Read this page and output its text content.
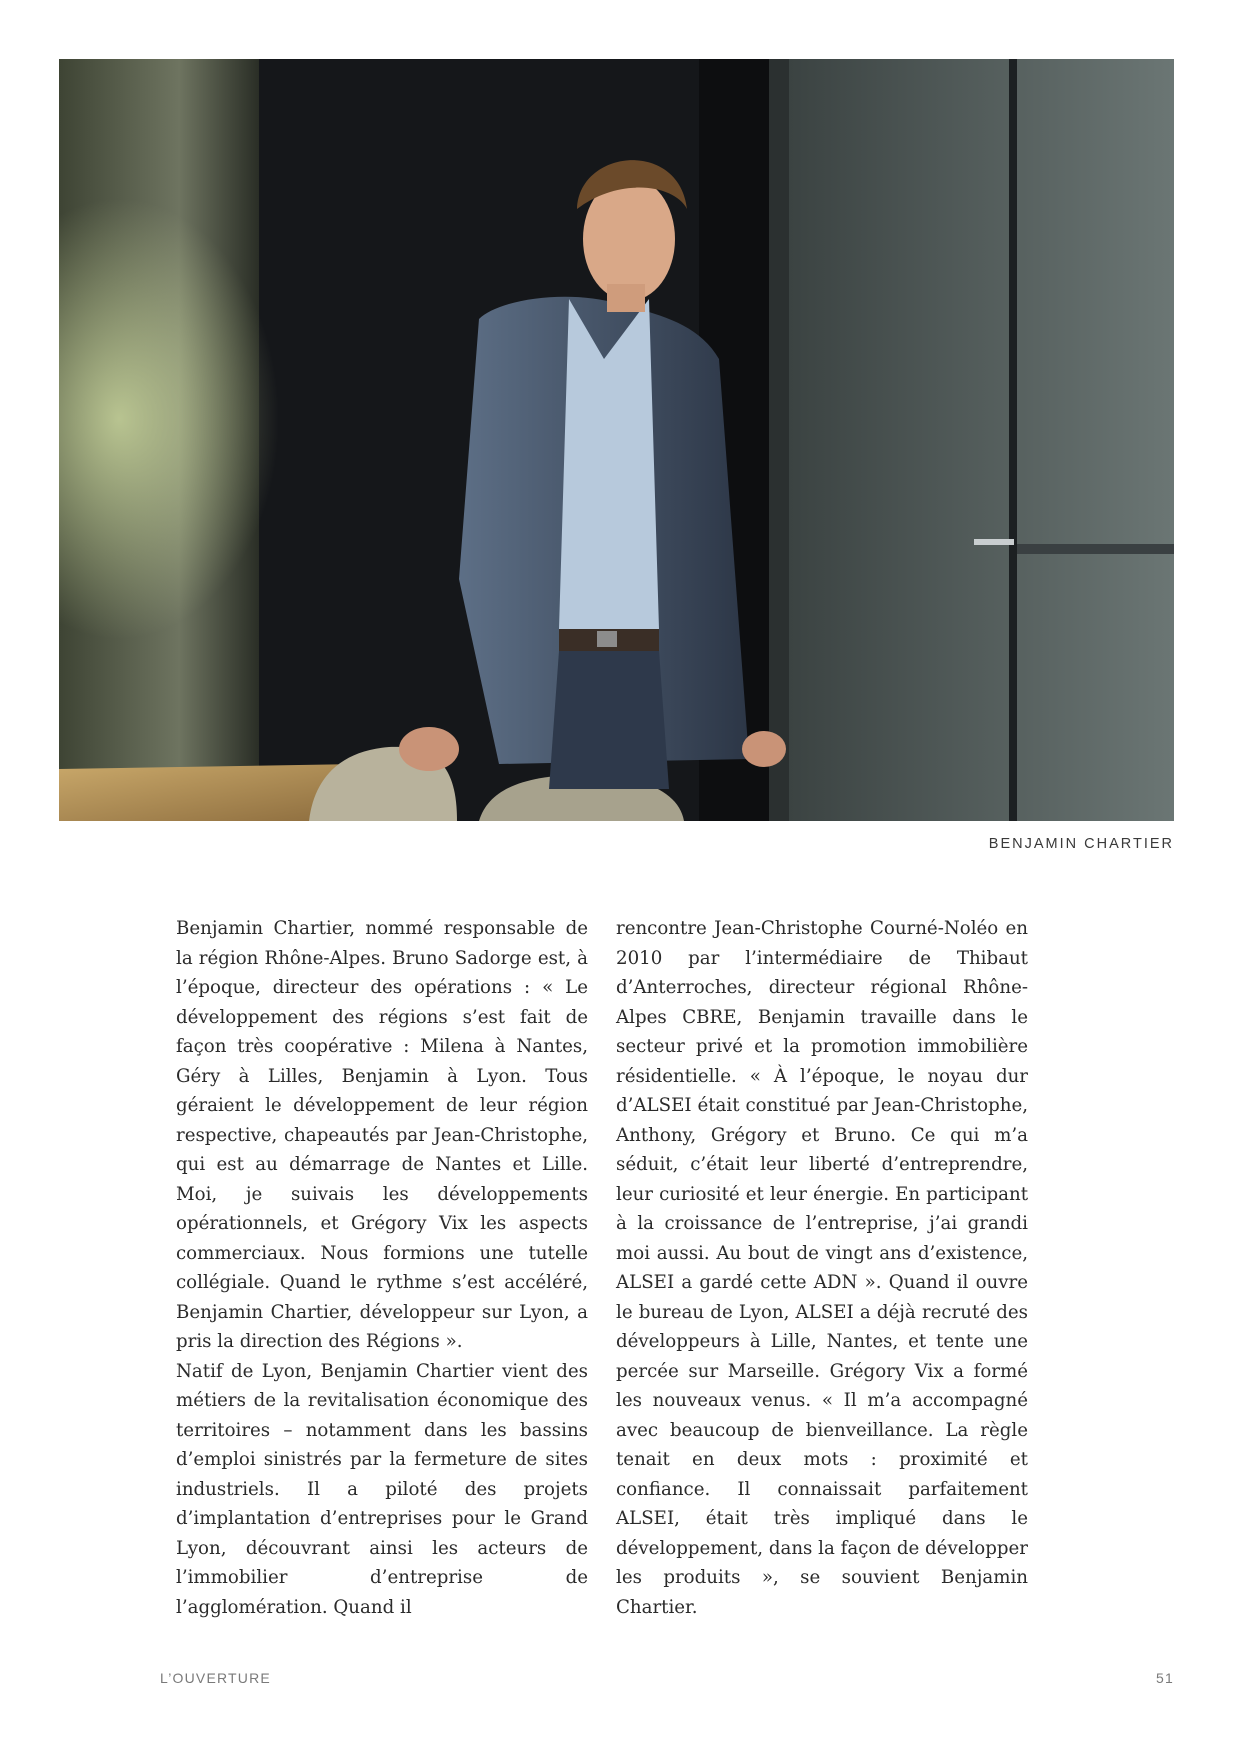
BENJAMIN CHARTIER

Benjamin Chartier, nommé responsable de la région Rhône-Alpes. Bruno Sadorge est, à l’époque, directeur des opérations : « Le développement des régions s’est fait de façon très coopérative : Milena à Nantes, Géry à Lilles, Benjamin à Lyon. Tous géraient le développement de leur région respective, chapeautés par Jean-Christophe, qui est au démarrage de Nantes et Lille. Moi, je suivais les développements opérationnels, et Grégory Vix les aspects commerciaux. Nous formions une tutelle collégiale. Quand le rythme s’est accéléré, Benjamin Chartier, développeur sur Lyon, a pris la direction des Régions ».

Natif de Lyon, Benjamin Chartier vient des métiers de la revitalisation économique des territoires – notamment dans les bassins d’emploi sinistrés par la fermeture de sites industriels. Il a piloté des projets d’implantation d’entreprises pour le Grand Lyon, découvrant ainsi les acteurs de l’immobilier d’entreprise de l’agglomération. Quand il

rencontre Jean-Christophe Courné-Noléo en 2010 par l’intermédiaire de Thibaut d’Anterroches, directeur régional Rhône-Alpes CBRE, Benjamin travaille dans le secteur privé et la promotion immobilière résidentielle. « À l’époque, le noyau dur d’ALSEI était constitué par Jean-Christophe, Anthony, Grégory et Bruno. Ce qui m’a séduit, c’était leur liberté d’entreprendre, leur curiosité et leur énergie. En participant à la croissance de l’entreprise, j’ai grandi moi aussi. Au bout de vingt ans d’existence, ALSEI a gardé cette ADN ». Quand il ouvre le bureau de Lyon, ALSEI a déjà recruté des développeurs à Lille, Nantes, et tente une percée sur Marseille. Grégory Vix a formé les nouveaux venus. « Il m’a accompagné avec beaucoup de bienveillance. La règle tenait en deux mots : proximité et confiance. Il connaissait parfaitement ALSEI, était très impliqué dans le développement, dans la façon de développer les produits », se souvient Benjamin Chartier.

L’OUVERTURE	51
